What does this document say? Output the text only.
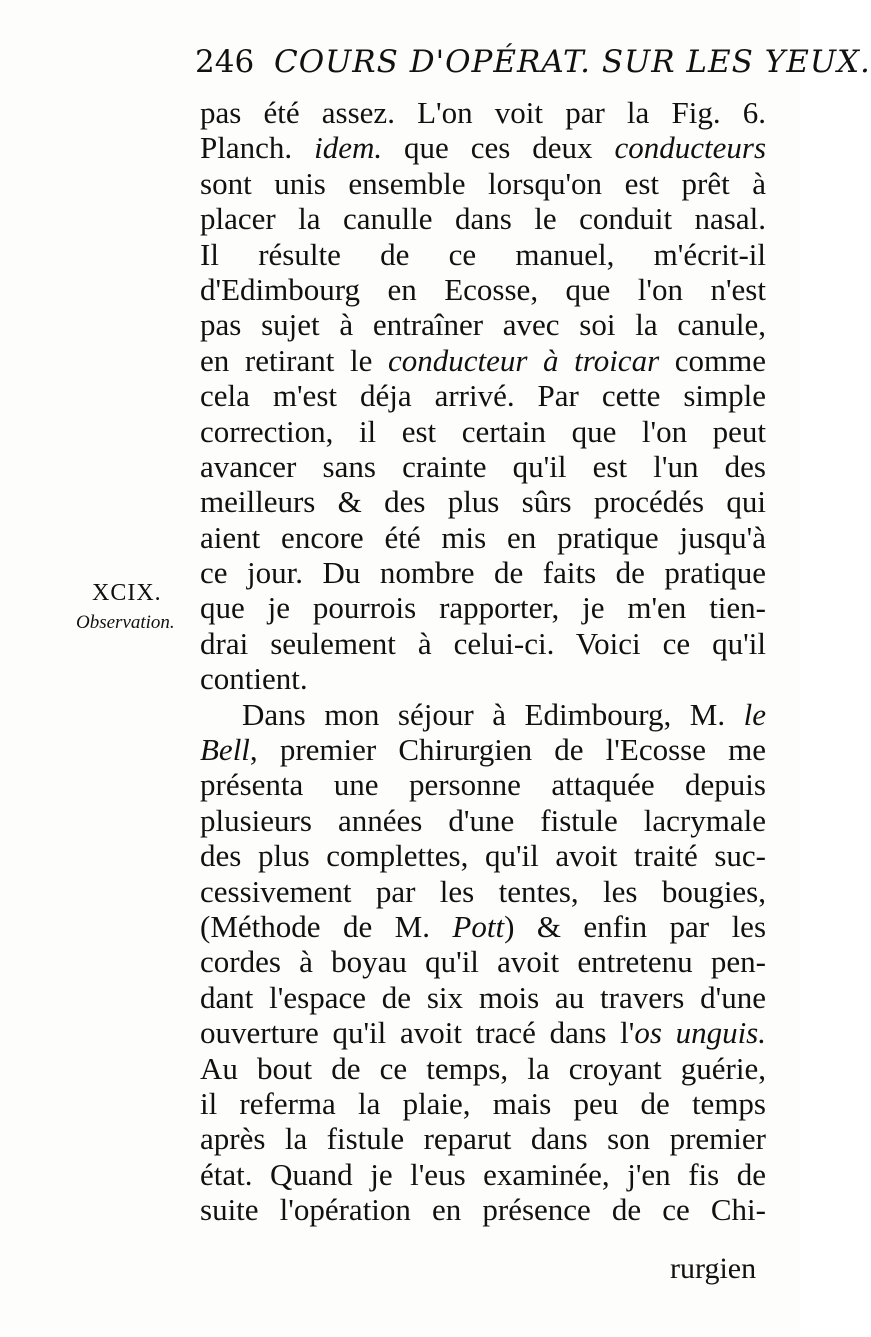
246 COURS D'OPÉRAT. SUR LES YEUX.
XCIX.
Observation.
pas été assez. L'on voit par la Fig. 6.
Planch. idem. que ces deux conducteurs
sont unis ensemble lorsqu'on est prêt à
placer la canulle dans le conduit nasal.
Il résulte de ce manuel, m'écrit-il
d'Edimbourg en Ecosse, que l'on n'est
pas sujet à entraîner avec soi la canule,
en retirant le conducteur à troicar comme
cela m'est déja arrivé. Par cette simple
correction, il est certain que l'on peut
avancer sans crainte qu'il est l'un des
meilleurs & des plus sûrs procédés qui
aient encore été mis en pratique jusqu'à
ce jour. Du nombre de faits de pratique
que je pourrois rapporter, je m'en tien-
drai seulement à celui-ci. Voici ce qu'il
contient.
Dans mon séjour à Edimbourg, M. le
Bell, premier Chirurgien de l'Ecosse me
présenta une personne attaquée depuis
plusieurs années d'une fistule lacrymale
des plus complettes, qu'il avoit traité suc-
cessivement par les tentes, les bougies,
(Méthode de M. Pott) & enfin par les
cordes à boyau qu'il avoit entretenu pen-
dant l'espace de six mois au travers d'une
ouverture qu'il avoit tracé dans l'os unguis.
Au bout de ce temps, la croyant guérie,
il referma la plaie, mais peu de temps
après la fistule reparut dans son premier
état. Quand je l'eus examinée, j'en fis de
suite l'opération en présence de ce Chi-
rurgien
